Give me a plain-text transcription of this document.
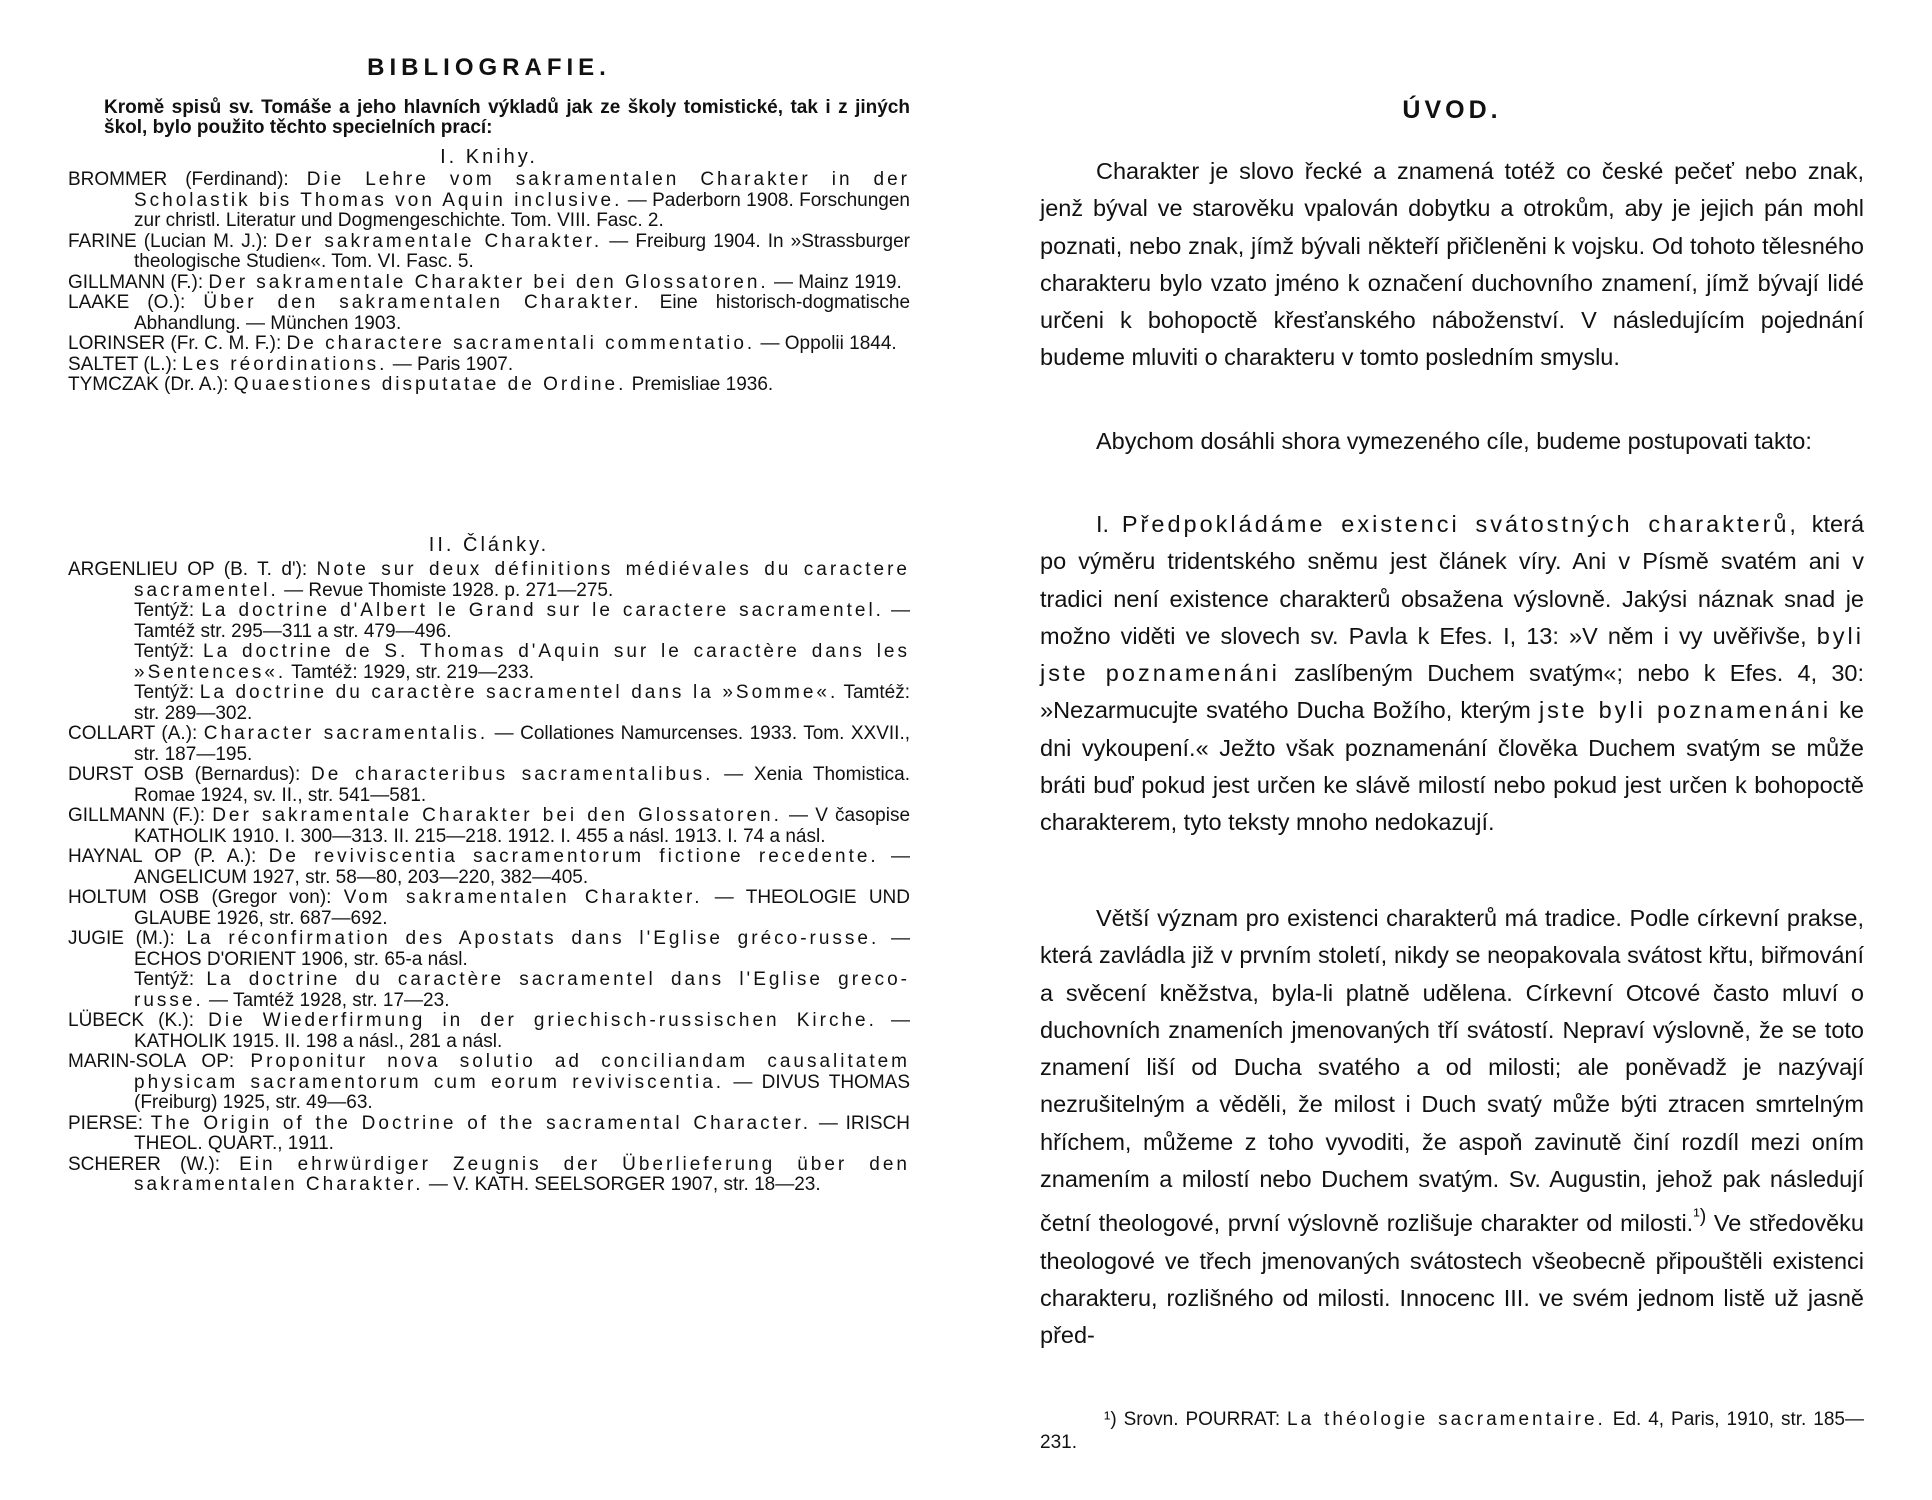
BIBLIOGRAFIE.

Kromě spisů sv. Tomáše a jeho hlavních výkladů jak ze školy tomistické, tak i z jiných škol, bylo použito těchto specielních prací:

I. Knihy.
BROMMER (Ferdinand): Die Lehre vom sakramentalen Charakter in der Scholastik bis Thomas von Aquin inclusive. — Paderborn 1908. Forschungen zur christl. Literatur und Dogmengeschichte. Tom. VIII. Fasc. 2.
FARINE (Lucian M. J.): Der sakramentale Charakter. — Freiburg 1904. In »Strassburger theologische Studien«. Tom. VI. Fasc. 5.
GILLMANN (F.): Der sakramentale Charakter bei den Glossatoren. — Mainz 1919.
LAAKE (O.): Über den sakramentalen Charakter. Eine historisch-dogmatische Abhandlung. — München 1903.
LORINSER (Fr. C. M. F.): De charactere sacramentali commentatio. — Oppolii 1844.
SALTET (L.): Les réordinations. — Paris 1907.
TYMCZAK (Dr. A.): Quaestiones disputatae de Ordine. Premisliae 1936.
II. Články.
ARGENLIEU OP (B. T. d'): Note sur deux définitions médiévales du caractere sacramentel. — Revue Thomiste 1928. p. 271—275.
Tentýž: La doctrine d'Albert le Grand sur le caractere sacramentel. — Tamtéž str. 295—311 a str. 479—496.
Tentýž: La doctrine de S. Thomas d'Aquin sur le caractère dans les »Sentences«. Tamtéž: 1929, str. 219—233.
Tentýž: La doctrine du caractère sacramentel dans la »Somme«. Tamtéž: str. 289—302.
COLLART (A.): Character sacramentalis. — Collationes Namurcenses. 1933. Tom. XXVII., str. 187—195.
DURST OSB (Bernardus): De characteribus sacramentalibus. — Xenia Thomistica. Romae 1924, sv. II., str. 541—581.
GILLMANN (F.): Der sakramentale Charakter bei den Glossatoren. — V časopise KATHOLIK 1910. I. 300—313. II. 215—218. 1912. I. 455 a násl. 1913. I. 74 a násl.
HAYNAL OP (P. A.): De reviviscentia sacramentorum fictione recedente. — ANGELICUM 1927, str. 58—80, 203—220, 382—405.
HOLTUM OSB (Gregor von): Vom sakramentalen Charakter. — THEOLOGIE UND GLAUBE 1926, str. 687—692.
JUGIE (M.): La réconfirmation des Apostats dans l'Eglise gréco-russe. — ECHOS D'ORIENT 1906, str. 65-a násl.
Tentýž: La doctrine du caractère sacramentel dans l'Eglise greco-russe. — Tamtéž 1928, str. 17—23.
LÜBECK (K.): Die Wiederfirmung in der griechisch-russischen Kirche. — KATHOLIK 1915. II. 198 a násl., 281 a násl.
MARIN-SOLA OP: Proponitur nova solutio ad conciliandam causalitatem physicam sacramentorum cum eorum reviviscentia. — DIVUS THOMAS (Freiburg) 1925, str. 49—63.
PIERSE: The Origin of the Doctrine of the sacramental Character. — IRISCH THEOL. QUART., 1911.
SCHERER (W.): Ein ehrwürdiger Zeugnis der Überlieferung über den sakramentalen Charakter. — V. KATH. SEELSORGER 1907, str. 18—23.
ÚVOD.

Charakter je slovo řecké a znamená totéž co české pečeť nebo znak, jenž býval ve starověku vpalován dobytku a otrokům, aby je jejich pán mohl poznati, nebo znak, jímž bývali někteří přičleněni k vojsku. Od tohoto tělesného charakteru bylo vzato jméno k označení duchovního znamení, jímž bývají lidé určeni k bohopoctě křesťanského náboženství. V následujícím pojednání budeme mluviti o charakteru v tomto posledním smyslu.

Abychom dosáhli shora vymezeného cíle, budeme postupovati takto:

I. Předpokládáme existenci svátostných charakterů, která po výměru tridentského sněmu jest článek víry. Ani v Písmě svatém ani v tradici není existence charakterů obsažena výslovně. Jakýsi náznak snad je možno viděti ve slovech sv. Pavla k Efes. I, 13: »V něm i vy uvěřivše, byli jste poznamenáni zaslíbeným Duchem svatým«; nebo k Efes. 4, 30: »Nezarmucujte svatého Ducha Božího, kterým jste byli poznamenáni ke dni vykoupení.« Ježto však poznamenání člověka Duchem svatým se může bráti buď pokud jest určen ke slávě milostí nebo pokud jest určen k bohopoctě charakterem, tyto teksty mnoho nedokazují.

Větší význam pro existenci charakterů má tradice. Podle církevní prakse, která zavládla již v prvním století, nikdy se neopakovala svátost křtu, biřmování a svěcení kněžstva, byla-li platně udělena. Církevní Otcové často mluví o duchovních znameních jmenovaných tří svátostí. Nepraví výslovně, že se toto znamení liší od Ducha svatého a od milosti; ale poněvadž je nazývají nezrušitelným a věděli, že milost i Duch svatý může býti ztracen smrtelným hříchem, můžeme z toho vyvoditi, že aspoň zavinutě činí rozdíl mezi oním znamením a milostí nebo Duchem svatým. Sv. Augustin, jehož pak následují četní theologové, první výslovně rozlišuje charakter od milosti.$^{^1)}$ Ve středověku theologové ve třech jmenovaných svátostech všeobecně připouštěli existenci charakteru, rozlišného od milosti. Innocenc III. ve svém jednom listě už jasně před-

¹) Srovn. POURRAT: La théologie sacramentaire. Ed. 4, Paris, 1910, str. 185—231.
